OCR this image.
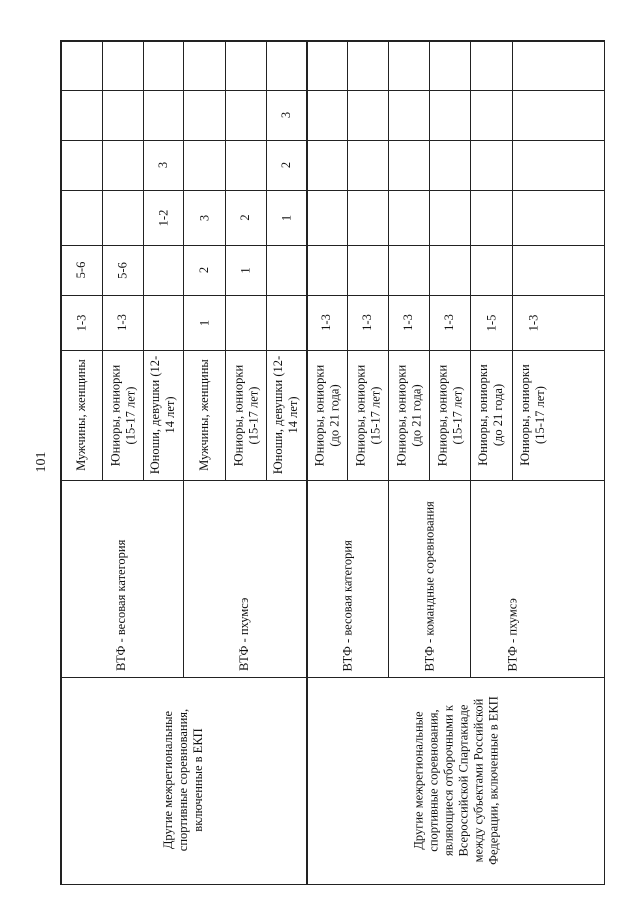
101
Другие межрегиональные спортивные соревнования, включенные в ЕКП
ВТФ - весовая категория
Мужчины, женщины
1-3
5-6
Юниоры, юниорки (15-17 лет)
1-3
5-6
Юноши, девушки (12-14 лет)
1-2
3
ВТФ - пхумсэ
Мужчины, женщины
1
2
3
Юниоры, юниорки (15-17 лет)
1
2
Юноши, девушки (12-14 лет)
1
2
3
Другие межрегиональные спортивные соревнования, являющиеся отборочными к Всероссийской Спартакиаде между субъектами Российской Федерации, включенные в ЕКП
ВТФ - весовая категория
Юниоры, юниорки (до 21 года)
1-3
Юниоры, юниорки (15-17 лет)
1-3
ВТФ - командные соревнования
Юниоры, юниорки (до 21 года)
1-3
Юниоры, юниорки (15-17 лет)
1-3
ВТФ - пхумсэ
Юниоры, юниорки (до 21 года)
1-5
Юниоры, юниорки (15-17 лет)
1-3
